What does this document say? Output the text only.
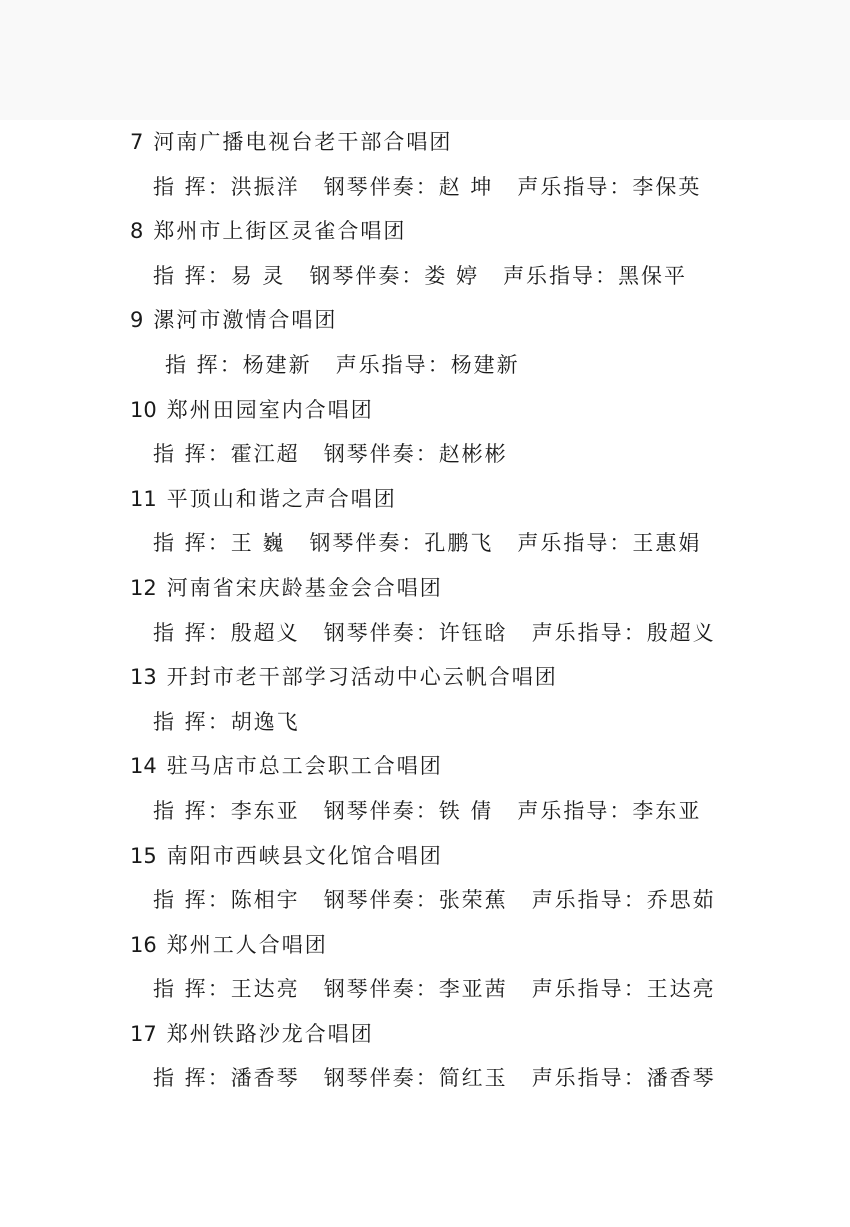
7 河南广播电视台老干部合唱团
指 挥：洪振洋 钢琴伴奏：赵 坤 声乐指导：李保英
8 郑州市上街区灵雀合唱团
指 挥：易 灵 钢琴伴奏：娄 婷 声乐指导：黑保平
9 漯河市激情合唱团
指 挥：杨建新 声乐指导：杨建新
10 郑州田园室内合唱团
指 挥：霍江超 钢琴伴奏：赵彬彬
11 平顶山和谐之声合唱团
指 挥：王 巍 钢琴伴奏：孔鹏飞 声乐指导：王惠娟
12 河南省宋庆龄基金会合唱团
指 挥：殷超义 钢琴伴奏：许钰晗 声乐指导：殷超义
13 开封市老干部学习活动中心云帆合唱团
指 挥：胡逸飞
14 驻马店市总工会职工合唱团
指 挥：李东亚 钢琴伴奏：铁 倩 声乐指导：李东亚
15 南阳市西峡县文化馆合唱团
指 挥：陈相宇 钢琴伴奏：张荣蕉 声乐指导：乔思茹
16 郑州工人合唱团
指 挥：王达亮 钢琴伴奏：李亚茜 声乐指导：王达亮
17 郑州铁路沙龙合唱团
指 挥：潘香琴 钢琴伴奏：简红玉 声乐指导：潘香琴
